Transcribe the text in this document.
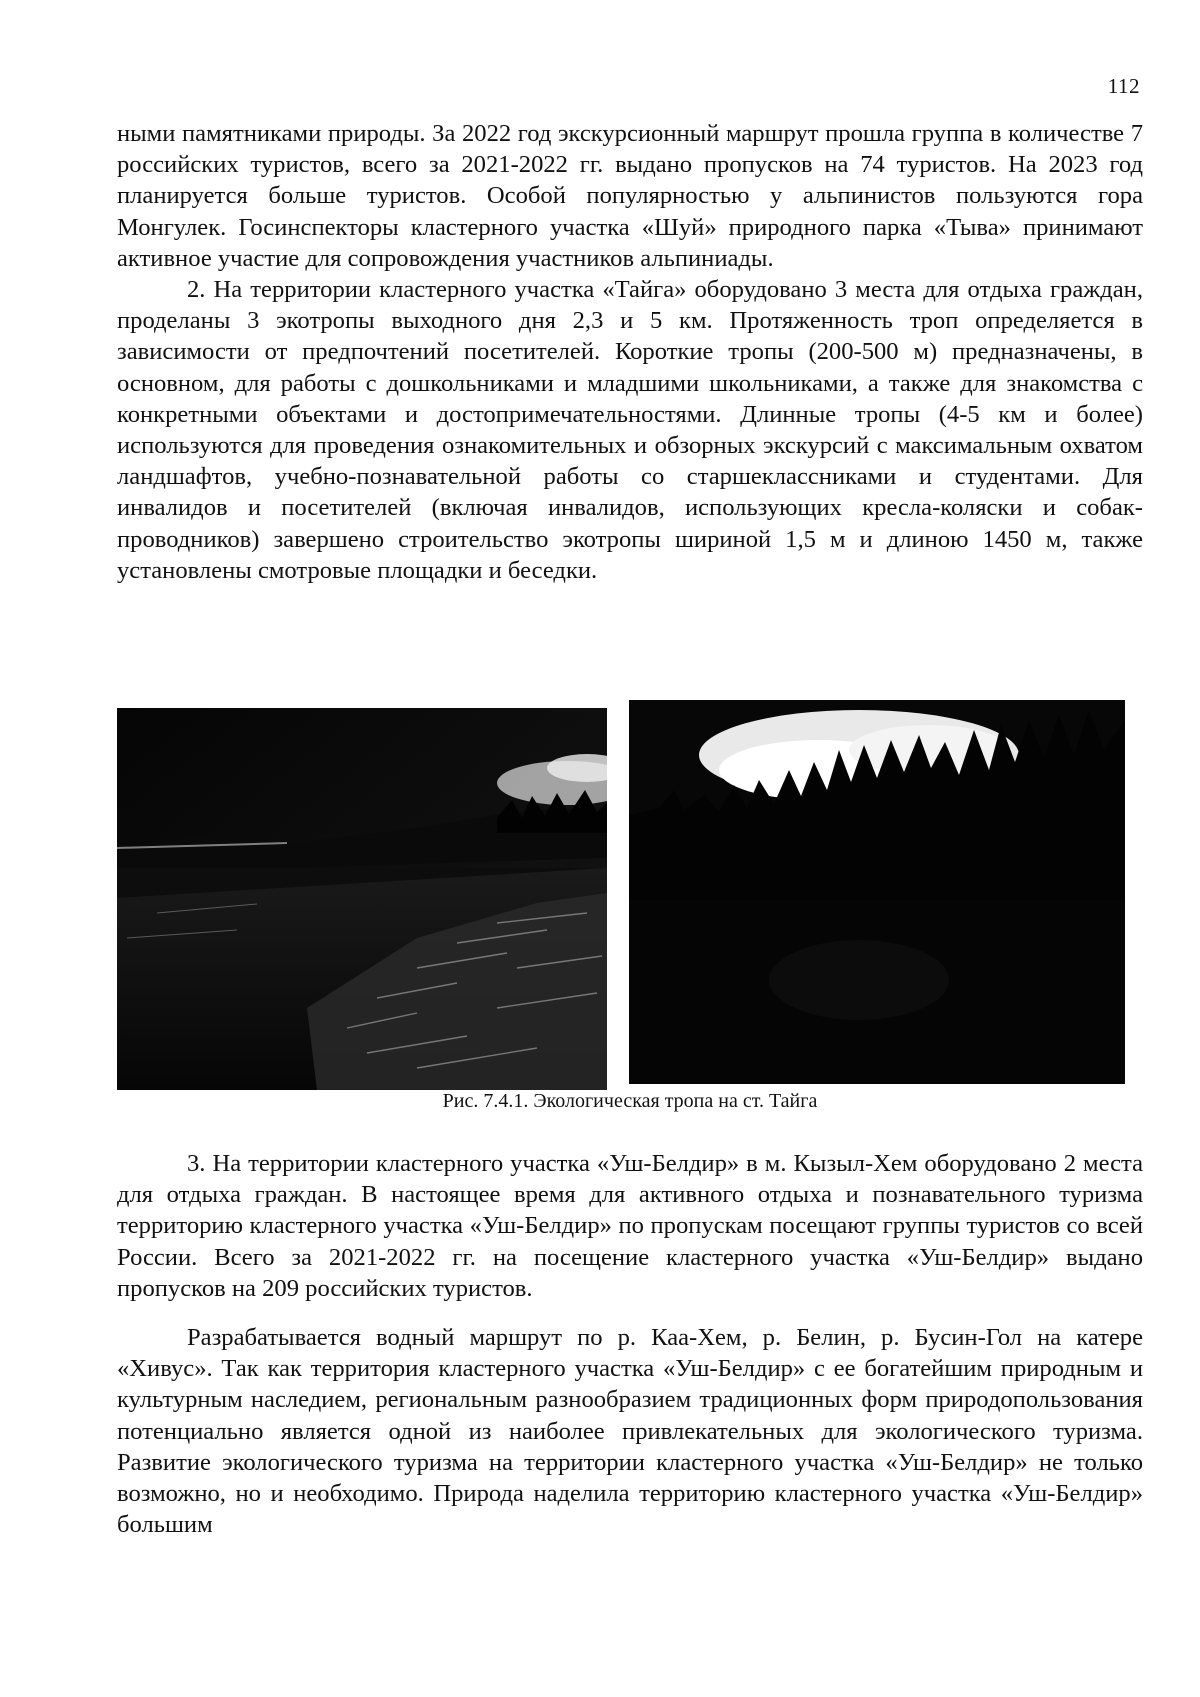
112

ными памятниками природы. За 2022 год экскурсионный маршрут прошла группа в количестве 7 российских туристов, всего за 2021-2022 гг. выдано пропусков на 74 туристов. На 2023 год планируется больше туристов. Особой популярностью у альпинистов пользуются гора Монгулек. Госинспекторы кластерного участка «Шуй» природного парка «Тыва» принимают активное участие для сопровождения участников альпиниады.

2. На территории кластерного участка «Тайга» оборудовано 3 места для отдыха граждан, проделаны 3 экотропы выходного дня 2,3 и 5 км. Протяженность троп определяется в зависимости от предпочтений посетителей. Короткие тропы (200-500 м) предназначены, в основном, для работы с дошкольниками и младшими школьниками, а также для знакомства с конкретными объектами и достопримечательностями. Длинные тропы (4-5 км и более) используются для проведения ознакомительных и обзорных экскурсий с максимальным охватом ландшафтов, учебно-познавательной работы со старшеклассниками и студентами. Для инвалидов и посетителей (включая инвалидов, использующих кресла-коляски и собак-проводников) завершено строительство экотропы шириной 1,5 м и длиною 1450 м, также установлены смотровые площадки и беседки.

Рис. 7.4.1. Экологическая тропа на ст. Тайга

3. На территории кластерного участка «Уш-Белдир» в м. Кызыл-Хем оборудовано 2 места для отдыха граждан. В настоящее время для активного отдыха и познавательного туризма территорию кластерного участка «Уш-Белдир» по пропускам посещают группы туристов со всей России. Всего за 2021-2022 гг. на посещение кластерного участка «Уш-Белдир» выдано пропусков на 209 российских туристов.

Разрабатывается водный маршрут по р. Каа-Хем, р. Белин, р. Бусин-Гол на катере «Хивус». Так как территория кластерного участка «Уш-Белдир» с ее богатейшим природным и культурным наследием, региональным разнообразием традиционных форм природопользования потенциально является одной из наиболее привлекательных для экологического туризма. Развитие экологического туризма на территории кластерного участка «Уш-Белдир» не только возможно, но и необходимо. Природа наделила территорию кластерного участка «Уш-Белдир» большим
